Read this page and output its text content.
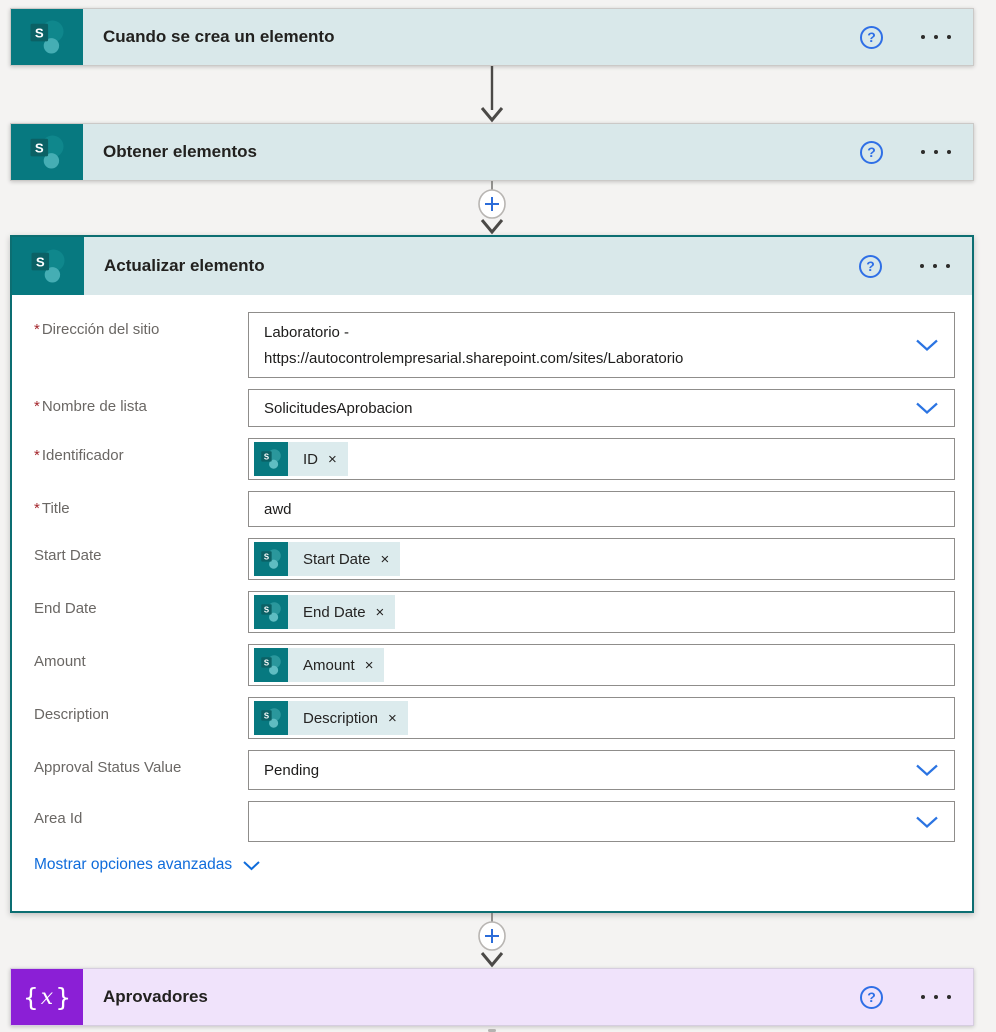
S	Cuando se crea un elemento	?
S	Obtener elementos	?
S	Actualizar elemento	?
* Dirección del sitio	Laboratorio -
https://autocontrolempresarial.sharepoint.com/sites/Laboratorio
* Nombre de lista	SolicitudesAprobacion
* Identificador	S ID ×
* Title	awd
Start Date	S Start Date ×
End Date	S End Date ×
Amount	S Amount ×
Description	S Description ×
Approval Status Value	Pending
Area Id
Mostrar opciones avanzadas
{ x } Aprovadores	?
